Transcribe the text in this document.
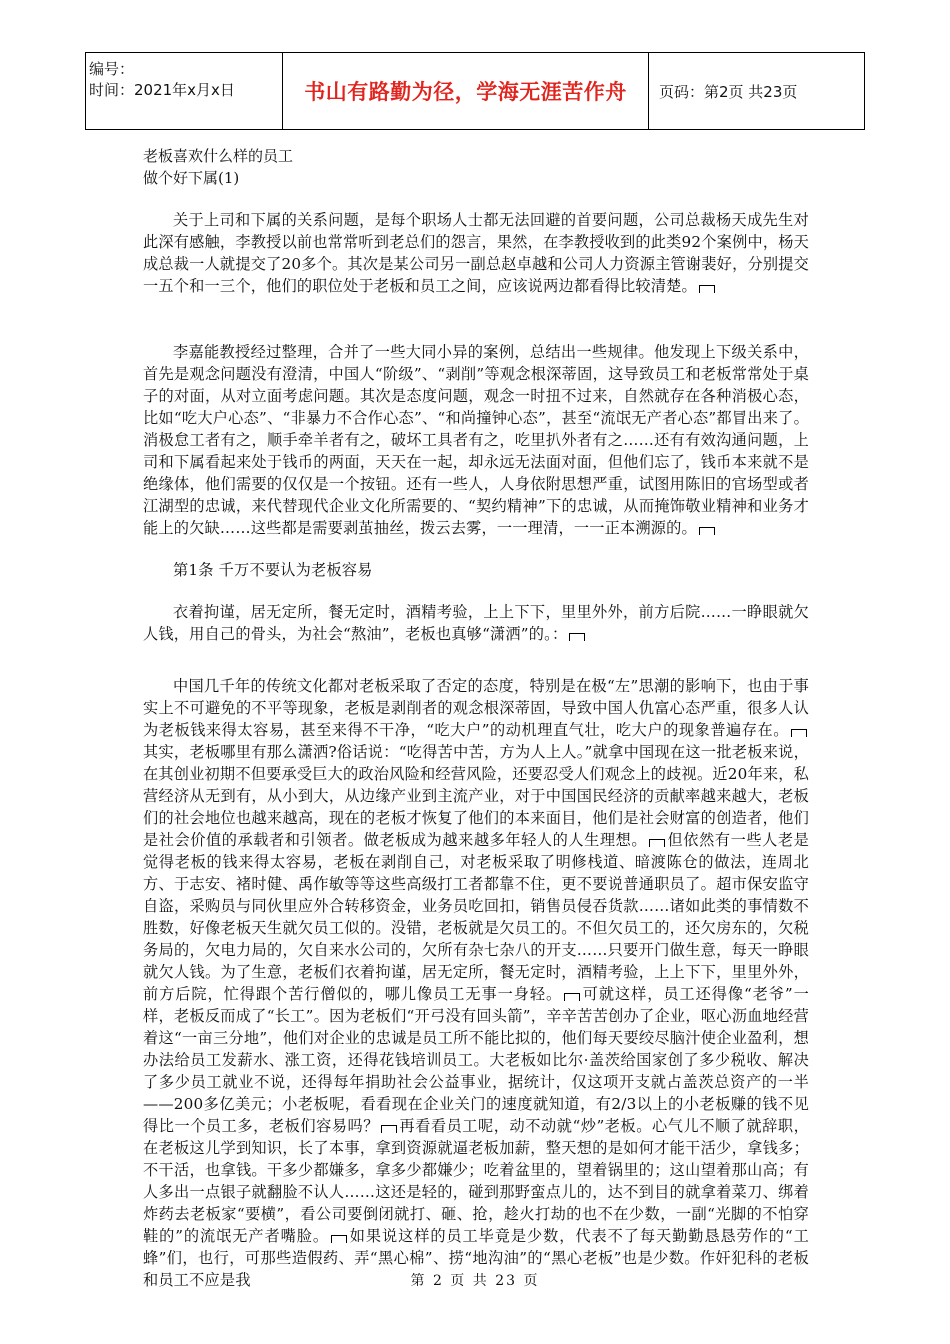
编号：
时间：2021年x月x日	书山有路勤为径，学海无涯苦作舟 页码：第2页 共23页
老板喜欢什么样的员工
做个好下属(1)

关于上司和下属的关系问题，是每个职场人士都无法回避的首要问题，公司总裁杨天成先生对此深有感触，李教授以前也常常听到老总们的怨言，果然，在李教授收到的此类92个案例中，杨天成总裁一人就提交了20多个。其次是某公司另一副总赵卓越和公司人力资源主管谢裴好，分别提交一五个和一三个，他们的职位处于老板和员工之间，应该说两边都看得比较清楚。

李嘉能教授经过整理，合并了一些大同小异的案例，总结出一些规律。他发现上下级关系中，首先是观念问题没有澄清，中国人“阶级”、“剥削”等观念根深蒂固，这导致员工和老板常常处于桌子的对面，从对立面考虑问题。其次是态度问题，观念一时扭不过来，自然就存在各种消极心态，比如“吃大户心态”、“非暴力不合作心态”、“和尚撞钟心态”，甚至“流氓无产者心态”都冒出来了。消极怠工者有之，顺手牵羊者有之，破坏工具者有之，吃里扒外者有之……还有有效沟通问题，上司和下属看起来处于钱币的两面，天天在一起，却永远无法面对面，但他们忘了，钱币本来就不是绝缘体，他们需要的仅仅是一个按钮。还有一些人，人身依附思想严重，试图用陈旧的官场型或者江湖型的忠诚，来代替现代企业文化所需要的、“契约精神”下的忠诚，从而掩饰敬业精神和业务才能上的欠缺……这些都是需要剥茧抽丝，拨云去雾，一一理清，一一正本溯源的。

第1条 千万不要认为老板容易

衣着拘谨，居无定所，餐无定时，酒精考验，上上下下，里里外外，前方后院……一睁眼就欠人钱，用自己的骨头，为社会“熬油”，老板也真够“潇洒”的。：

中国几千年的传统文化都对老板采取了否定的态度，特别是在极“左”思潮的影响下，也由于事实上不可避免的不平等现象，老板是剥削者的观念根深蒂固，导致中国人仇富心态严重，很多人认为老板钱来得太容易，甚至来得不干净，“吃大户”的动机理直气壮，吃大户的现象普遍存在。其实，老板哪里有那么潇洒?俗话说：“吃得苦中苦，方为人上人。”就拿中国现在这一批老板来说，在其创业初期不但要承受巨大的政治风险和经营风险，还要忍受人们观念上的歧视。近20年来，私营经济从无到有，从小到大，从边缘产业到主流产业，对于中国国民经济的贡献率越来越大，老板们的社会地位也越来越高，现在的老板才恢复了他们的本来面目，他们是社会财富的创造者，他们是社会价值的承载者和引领者。做老板成为越来越多年轻人的人生理想。 但依然有一些人老是觉得老板的钱来得太容易，老板在剥削自己，对老板采取了明修栈道、暗渡陈仓的做法，连周北方、于志安、褚时健、禹作敏等等这些高级打工者都靠不住，更不要说普通职员了。超市保安监守自盗，采购员与同伙里应外合转移资金，业务员吃回扣，销售员侵吞货款……诸如此类的事情数不胜数，好像老板天生就欠员工似的。没错，老板就是欠员工的。不但欠员工的，还欠房东的，欠税务局的，欠电力局的，欠自来水公司的，欠所有杂七杂八的开支……只要开门做生意，每天一睁眼就欠人钱。为了生意，老板们衣着拘谨，居无定所，餐无定时，酒精考验，上上下下，里里外外，前方后院，忙得跟个苦行僧似的，哪儿像员工无事一身轻。 可就这样，员工还得像“老爷”一样，老板反而成了“长工”。因为老板们“开弓没有回头箭”，辛辛苦苦创办了企业，呕心沥血地经营着这“一亩三分地”，他们对企业的忠诚是员工所不能比拟的，他们每天要绞尽脑汁使企业盈利，想办法给员工发薪水、涨工资，还得花钱培训员工。大老板如比尔·盖茨给国家创了多少税收、解决了多少员工就业不说，还得每年捐助社会公益事业，据统计，仅这项开支就占盖茨总资产的一半——200多亿美元；小老板呢，看看现在企业关门的速度就知道，有2/3以上的小老板赚的钱不见得比一个员工多，老板们容易吗？ 再看看员工呢，动不动就“炒”老板。心气儿不顺了就辞职，在老板这儿学到知识，长了本事，拿到资源就逼老板加薪，整天想的是如何才能干活少，拿钱多；不干活，也拿钱。干多少都嫌多，拿多少都嫌少；吃着盆里的，望着锅里的；这山望着那山高；有人多出一点银子就翻脸不认人……这还是轻的，碰到那野蛮点儿的，达不到目的就拿着菜刀、绑着炸药去老板家“要横”，看公司要倒闭就打、砸、抢，趁火打劫的也不在少数，一副“光脚的不怕穿鞋的”的流氓无产者嘴脸。 如果说这样的员工毕竟是少数，代表不了每天勤勤恳恳劳作的“工蜂”们，也行，可那些造假药、弄“黑心棉”、捞“地沟油”的“黑心老板”也是少数。作奸犯科的老板和员工不应是我	第 2 页 共 23 页
